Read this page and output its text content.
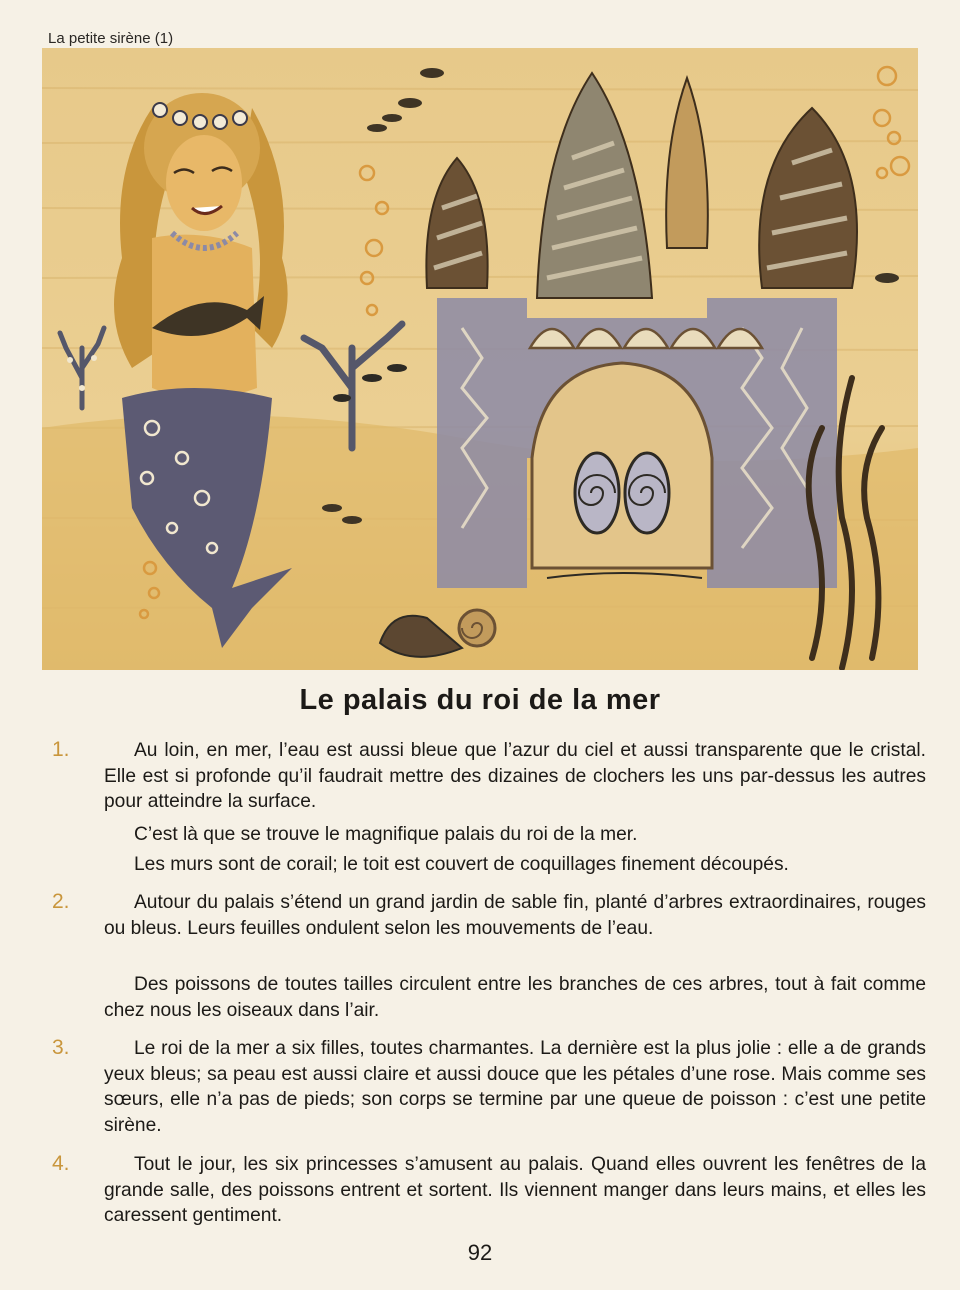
La petite sirène (1)
Le palais du roi de la mer
1.	Au loin, en mer, l’eau est aussi bleue que l’azur du ciel et aussi transparente que le cristal. Elle est si profonde qu’il faudrait mettre des dizaines de clochers les uns par-dessus les autres pour atteindre la surface.

C’est là que se trouve le magnifique palais du roi de la mer.

Les murs sont de corail; le toit est couvert de coquillages finement découpés.

2.	Autour du palais s’étend un grand jardin de sable fin, planté d’arbres extraordinaires, rouges ou bleus. Leurs feuilles ondulent selon les mouvements de l’eau.

Des poissons de toutes tailles circulent entre les branches de ces arbres, tout à fait comme chez nous les oiseaux dans l’air.

3.	Le roi de la mer a six filles, toutes charmantes. La dernière est la plus jolie : elle a de grands yeux bleus; sa peau est aussi claire et aussi douce que les pétales d’une rose. Mais comme ses sœurs, elle n’a pas de pieds; son corps se termine par une queue de poisson : c’est une petite sirène.

4.	Tout le jour, les six princesses s’amusent au palais. Quand elles ouvrent les fenêtres de la grande salle, des poissons entrent et sortent. Ils viennent manger dans leurs mains, et elles les caressent gentiment.

92
